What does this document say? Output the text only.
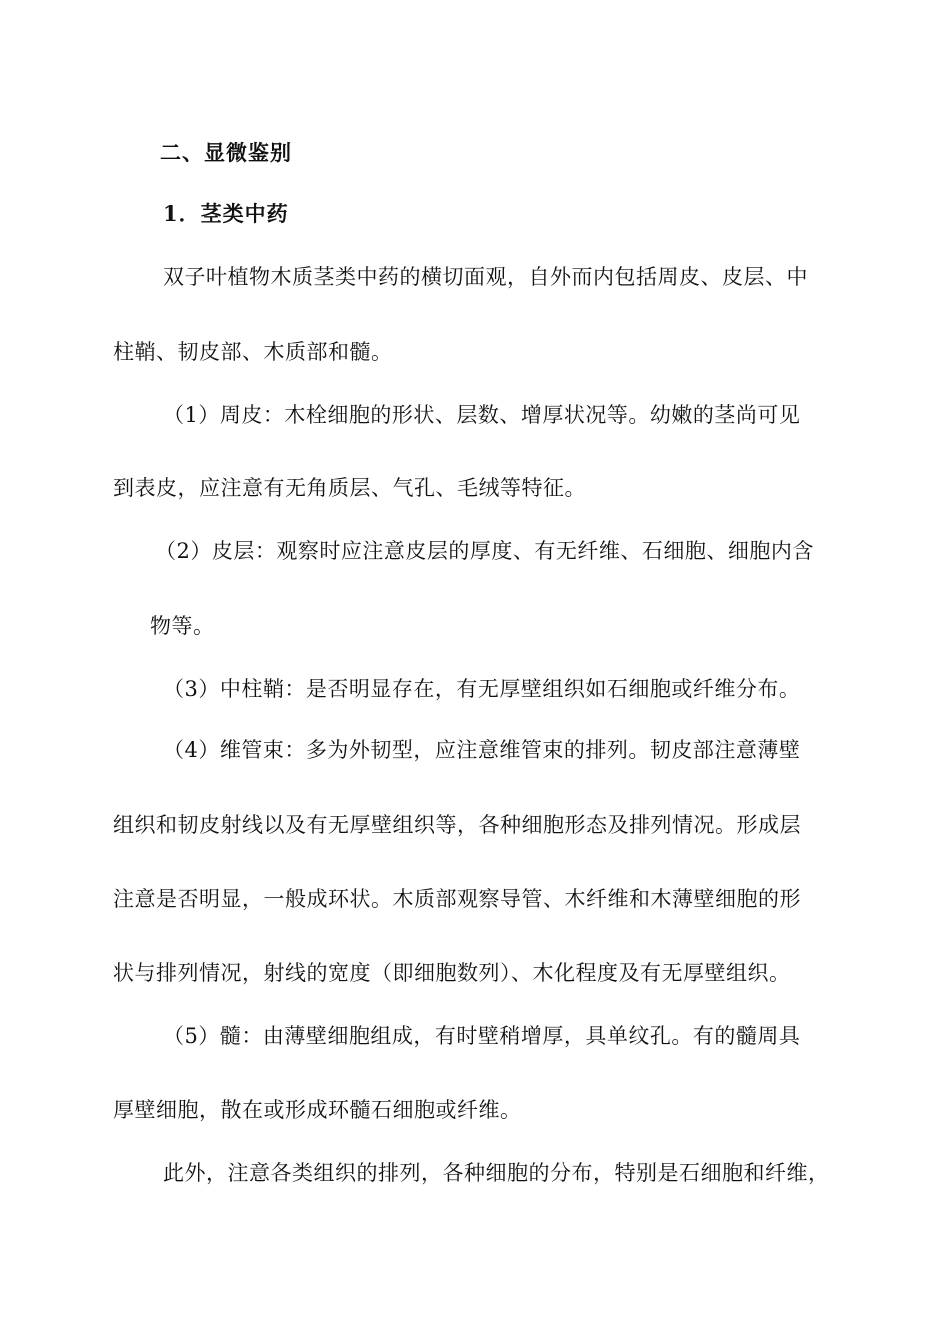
二、显微鉴别
1．茎类中药
双子叶植物木质茎类中药的横切面观，自外而内包括周皮、皮层、中
柱鞘、韧皮部、木质部和髓。
（1）周皮：木栓细胞的形状、层数、增厚状况等。幼嫩的茎尚可见
到表皮，应注意有无角质层、气孔、毛绒等特征。
（2）皮层：观察时应注意皮层的厚度、有无纤维、石细胞、细胞内含
物等。
（3）中柱鞘：是否明显存在，有无厚壁组织如石细胞或纤维分布。
（4）维管束：多为外韧型，应注意维管束的排列。韧皮部注意薄壁
组织和韧皮射线以及有无厚壁组织等，各种细胞形态及排列情况。形成层
注意是否明显，一般成环状。木质部观察导管、木纤维和木薄壁细胞的形
状与排列情况，射线的宽度（即细胞数列）、木化程度及有无厚壁组织。
（5）髓：由薄壁细胞组成，有时壁稍增厚，具单纹孔。有的髓周具
厚壁细胞，散在或形成环髓石细胞或纤维。
此外，注意各类组织的排列，各种细胞的分布，特别是石细胞和纤维，
